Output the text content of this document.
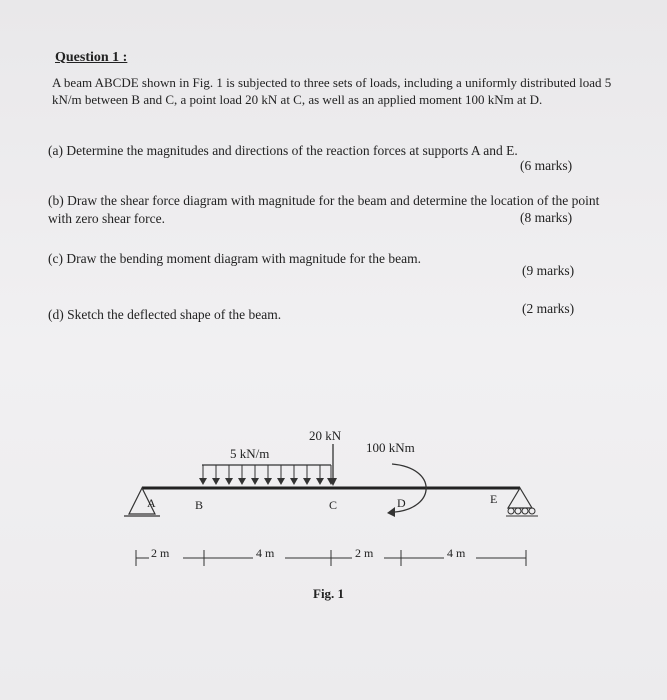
Question 1 :
A beam ABCDE shown in Fig. 1 is subjected to three sets of loads, including a uniformly distributed load 5 kN/m between B and C, a point load 20 kN at C, as well as an applied moment 100 kNm at D.
(a) Determine the magnitudes and directions of the reaction forces at supports A and E.
(6 marks)
(b) Draw the shear force diagram with magnitude for the beam and determine the location of the point with zero shear force.	(8 marks)
(c) Draw the bending moment diagram with magnitude for the beam.
(9 marks)
(d) Sketch the deflected shape of the beam.	(2 marks)
5 kN/m
20 kN
100 kNm
A	B	C	D	E
2 m	4 m	2 m	4 m
Fig. 1
